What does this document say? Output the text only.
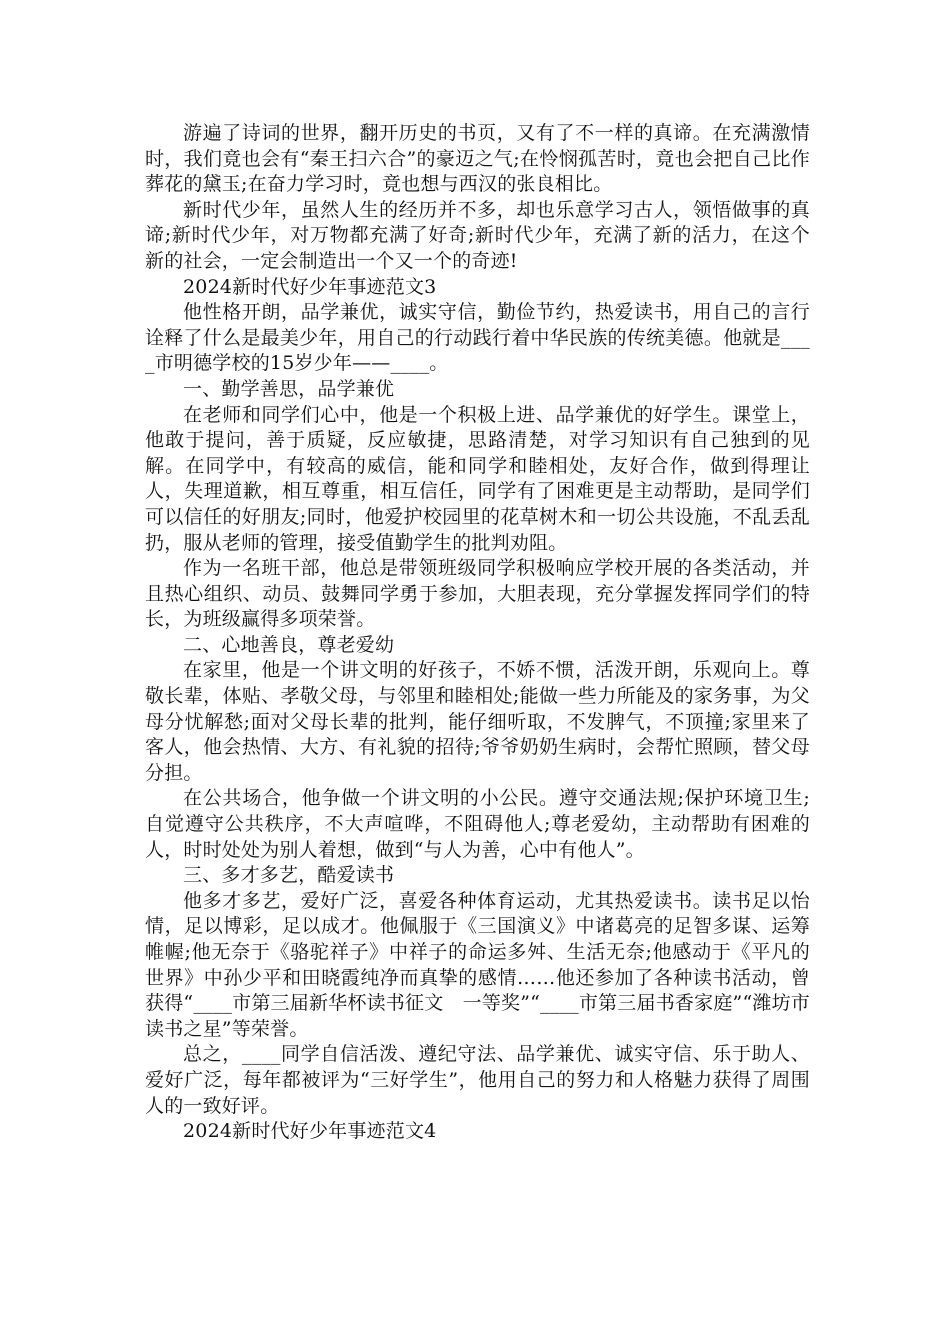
游遍了诗词的世界，翻开历史的书页，又有了不一样的真谛。在充满激情时，我们竟也会有“秦王扫六合”的豪迈之气;在怜悯孤苦时，竟也会把自己比作葬花的黛玉;在奋力学习时，竟也想与西汉的张良相比。

新时代少年，虽然人生的经历并不多，却也乐意学习古人，领悟做事的真谛;新时代少年，对万物都充满了好奇;新时代少年，充满了新的活力，在这个新的社会，一定会制造出一个又一个的奇迹!

2024新时代好少年事迹范文3

他性格开朗，品学兼优，诚实守信，勤俭节约，热爱读书，用自己的言行诠释了什么是最美少年，用自己的行动践行着中华民族的传统美德。他就是____市明德学校的15岁少年——____。

一、勤学善思，品学兼优

在老师和同学们心中，他是一个积极上进、品学兼优的好学生。课堂上，他敢于提问，善于质疑，反应敏捷，思路清楚，对学习知识有自己独到的见解。在同学中，有较高的威信，能和同学和睦相处，友好合作，做到得理让人，失理道歉，相互尊重，相互信任，同学有了困难更是主动帮助，是同学们可以信任的好朋友;同时，他爱护校园里的花草树木和一切公共设施，不乱丢乱扔，服从老师的管理，接受值勤学生的批判劝阻。

作为一名班干部，他总是带领班级同学积极响应学校开展的各类活动，并且热心组织、动员、鼓舞同学勇于参加，大胆表现，充分掌握发挥同学们的特长，为班级赢得多项荣誉。

二、心地善良，尊老爱幼

在家里，他是一个讲文明的好孩子，不娇不惯，活泼开朗，乐观向上。尊敬长辈，体贴、孝敬父母，与邻里和睦相处;能做一些力所能及的家务事，为父母分忧解愁;面对父母长辈的批判，能仔细听取，不发脾气，不顶撞;家里来了客人，他会热情、大方、有礼貌的招待;爷爷奶奶生病时，会帮忙照顾，替父母分担。

在公共场合，他争做一个讲文明的小公民。遵守交通法规;保护环境卫生;自觉遵守公共秩序，不大声喧哗，不阻碍他人;尊老爱幼，主动帮助有困难的人，时时处处为别人着想，做到“与人为善，心中有他人”。

三、多才多艺，酷爱读书

他多才多艺，爱好广泛，喜爱各种体育运动，尤其热爱读书。读书足以怡情，足以博彩，足以成才。他佩服于《三国演义》中诸葛亮的足智多谋、运筹帷幄;他无奈于《骆驼祥子》中祥子的命运多舛、生活无奈;他感动于《平凡的世界》中孙少平和田晓霞纯净而真挚的感情……他还参加了各种读书活动，曾获得“____市第三届新华杯读书征文　一等奖”“____市第三届书香家庭”“潍坊市读书之星”等荣誉。

总之，____同学自信活泼、遵纪守法、品学兼优、诚实守信、乐于助人、爱好广泛，每年都被评为“三好学生”，他用自己的努力和人格魅力获得了周围人的一致好评。

2024新时代好少年事迹范文4
